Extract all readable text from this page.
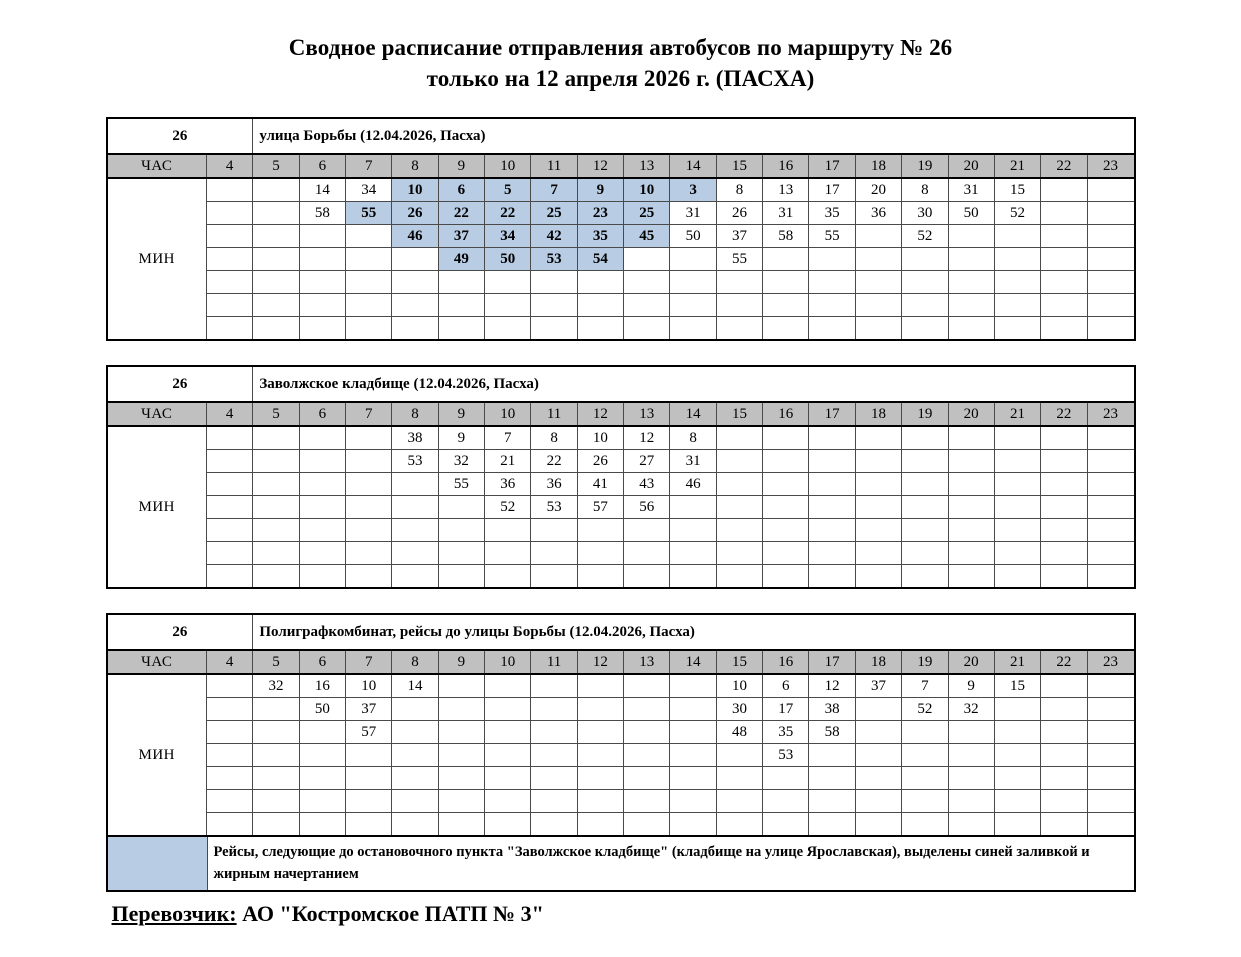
Сводное расписание отправления автобусов по маршруту № 26
только на 12 апреля 2026 г. (ПАСХА)
26		улица Борьбы (12.04.2026, Пасха)																		
ЧАС	4	5	6	7	8	9	10	11	12	13	14	15	16	17	18	19	20	21	22	23
МИН			14	34	10	6	5	7	9	10	3	8	13	17	20	8	31	15		
			58	55	26	22	22	25	23	25	31	26	31	35	36	30	50	52		
					46	37	34	42	35	45	50	37	58	55		52				
						49	50	53	54			55								

26		Заволжское кладбище (12.04.2026, Пасха)																		
ЧАС	4	5	6	7	8	9	10	11	12	13	14	15	16	17	18	19	20	21	22	23
МИН					38	9	7	8	10	12	8									
					53	32	21	22	26	27	31									
						55	36	36	41	43	46									
							52	53	57	56										

26		Полиграфкомбинат, рейсы до улицы Борьбы (12.04.2026, Пасха)																		
ЧАС	4	5	6	7	8	9	10	11	12	13	14	15	16	17	18	19	20	21	22	23
МИН		32	16	10	14							10	6	12	37	7	9	15		
			50	37								30	17	38		52	32			
				57								48	35	58						
													53							

Рейсы, следующие до остановочного пункта "Заволжское кладбище" (кладбище на улице Ярославская), выделены синей заливкой и жирным начертанием
Перевозчик: АО "Костромское ПАТП № 3"
